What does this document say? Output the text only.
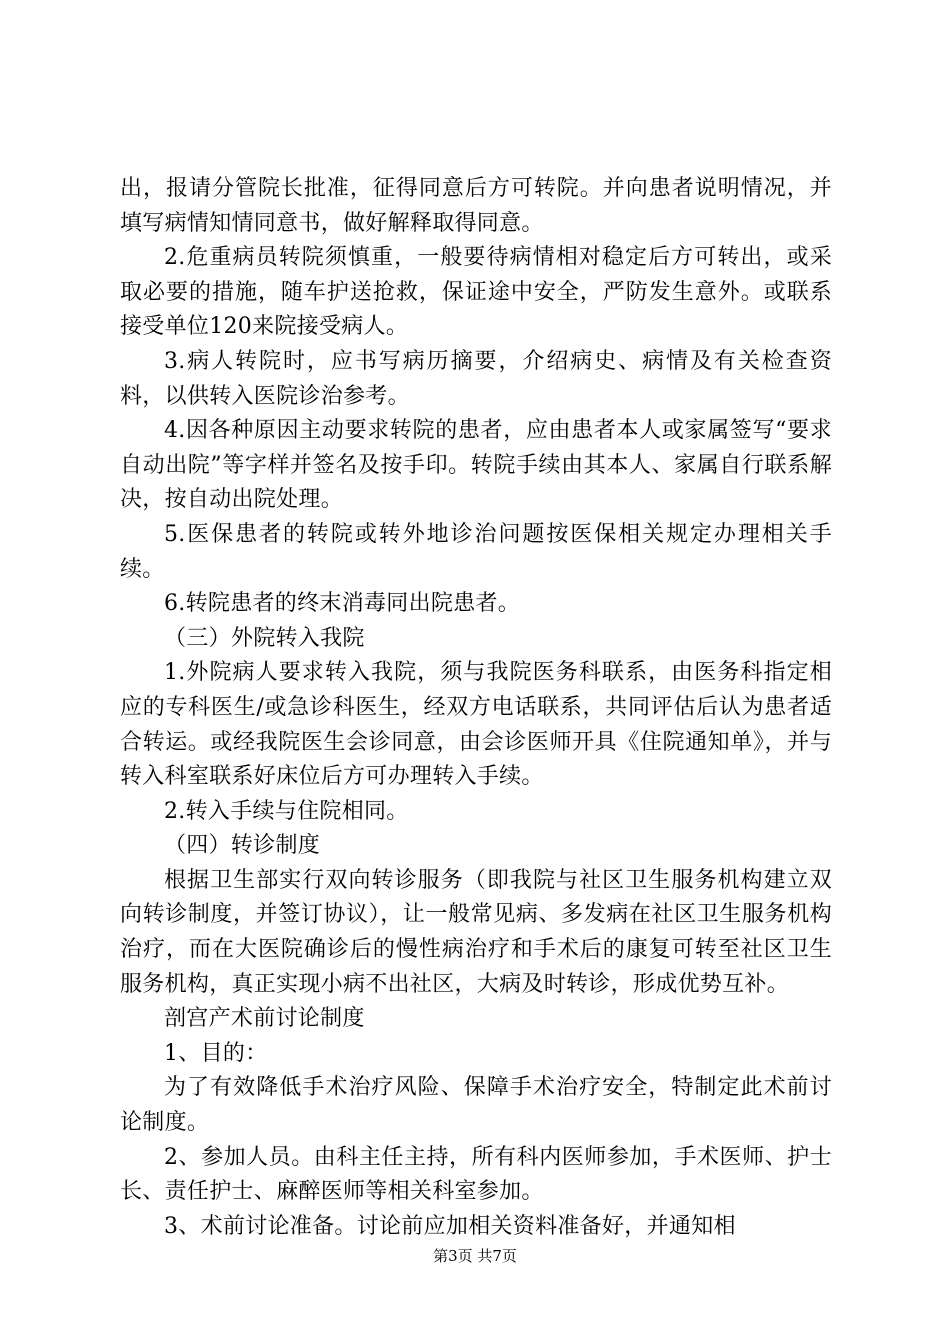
出，报请分管院长批准，征得同意后方可转院。并向患者说明情况，并填写病情知情同意书，做好解释取得同意。

2.危重病员转院须慎重，一般要待病情相对稳定后方可转出，或采取必要的措施，随车护送抢救，保证途中安全，严防发生意外。或联系接受单位120来院接受病人。

3.病人转院时，应书写病历摘要，介绍病史、病情及有关检查资料，以供转入医院诊治参考。

4.因各种原因主动要求转院的患者，应由患者本人或家属签写“要求自动出院”等字样并签名及按手印。转院手续由其本人、家属自行联系解决，按自动出院处理。

5.医保患者的转院或转外地诊治问题按医保相关规定办理相关手续。

6.转院患者的终末消毒同出院患者。

（三）外院转入我院

1.外院病人要求转入我院，须与我院医务科联系，由医务科指定相应的专科医生/或急诊科医生，经双方电话联系，共同评估后认为患者适合转运。或经我院医生会诊同意，由会诊医师开具《住院通知单》，并与转入科室联系好床位后方可办理转入手续。

2.转入手续与住院相同。

（四）转诊制度

根据卫生部实行双向转诊服务（即我院与社区卫生服务机构建立双向转诊制度，并签订协议），让一般常见病、多发病在社区卫生服务机构治疗，而在大医院确诊后的慢性病治疗和手术后的康复可转至社区卫生服务机构，真正实现小病不出社区，大病及时转诊，形成优势互补。

剖宫产术前讨论制度

1、目的：

为了有效降低手术治疗风险、保障手术治疗安全，特制定此术前讨论制度。

2、参加人员。由科主任主持，所有科内医师参加，手术医师、护士长、责任护士、麻醉医师等相关科室参加。

3、术前讨论准备。讨论前应加相关资料准备好，并通知相

第3页 共7页
